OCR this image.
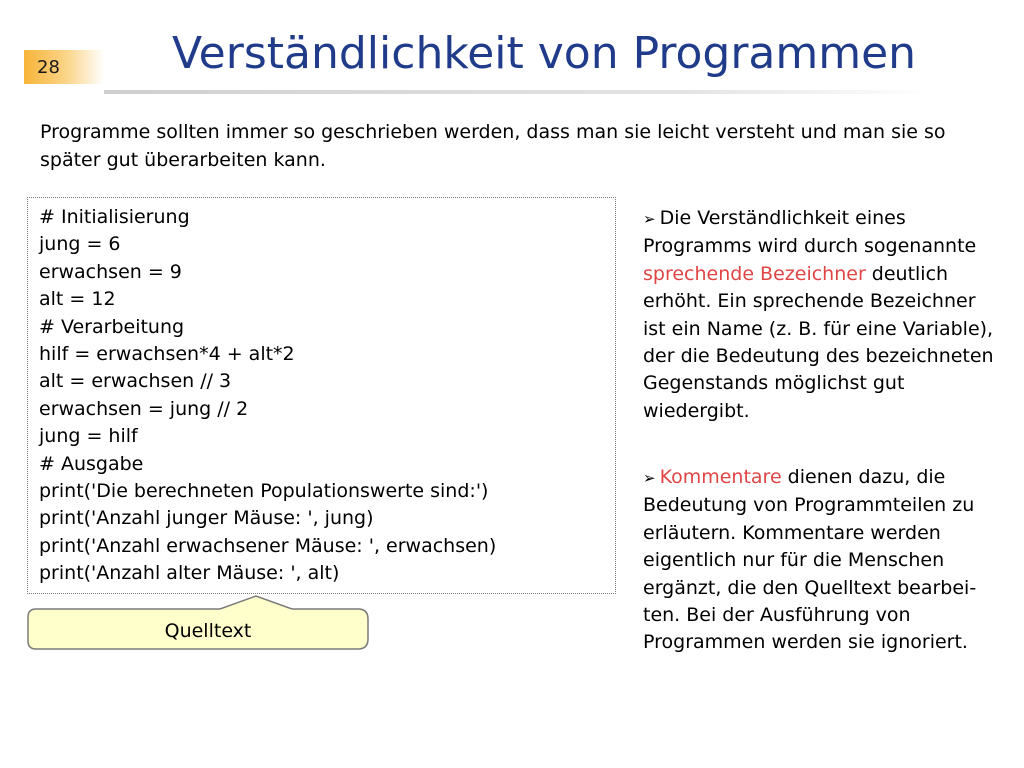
28	Verständlichkeit von Programmen

Programme sollten immer so geschrieben werden, dass man sie leicht versteht und man sie so später gut überarbeiten kann.

# Initialisierung
jung = 6
erwachsen = 9
alt = 12
# Verarbeitung
hilf = erwachsen*4 + alt*2
alt = erwachsen // 3
erwachsen = jung // 2
jung = hilf
# Ausgabe
print('Die berechneten Populationswerte sind:')
print('Anzahl junger Mäuse: ', jung)
print('Anzahl erwachsener Mäuse: ', erwachsen)
print('Anzahl alter Mäuse: ', alt)
Quelltext

➢ Die Verständlichkeit eines Programms wird durch sogenannte sprechende Bezeichner deutlich erhöht. Ein sprechende Bezeichner ist ein Name (z. B. für eine Variable), der die Bedeutung des bezeichneten Gegenstands möglichst gut wiedergibt.

➢ Kommentare dienen dazu, die Bedeutung von Programmteilen zu erläutern. Kommentare werden eigentlich nur für die Menschen ergänzt, die den Quelltext bearbei-ten. Bei der Ausführung von Programmen werden sie ignoriert.
